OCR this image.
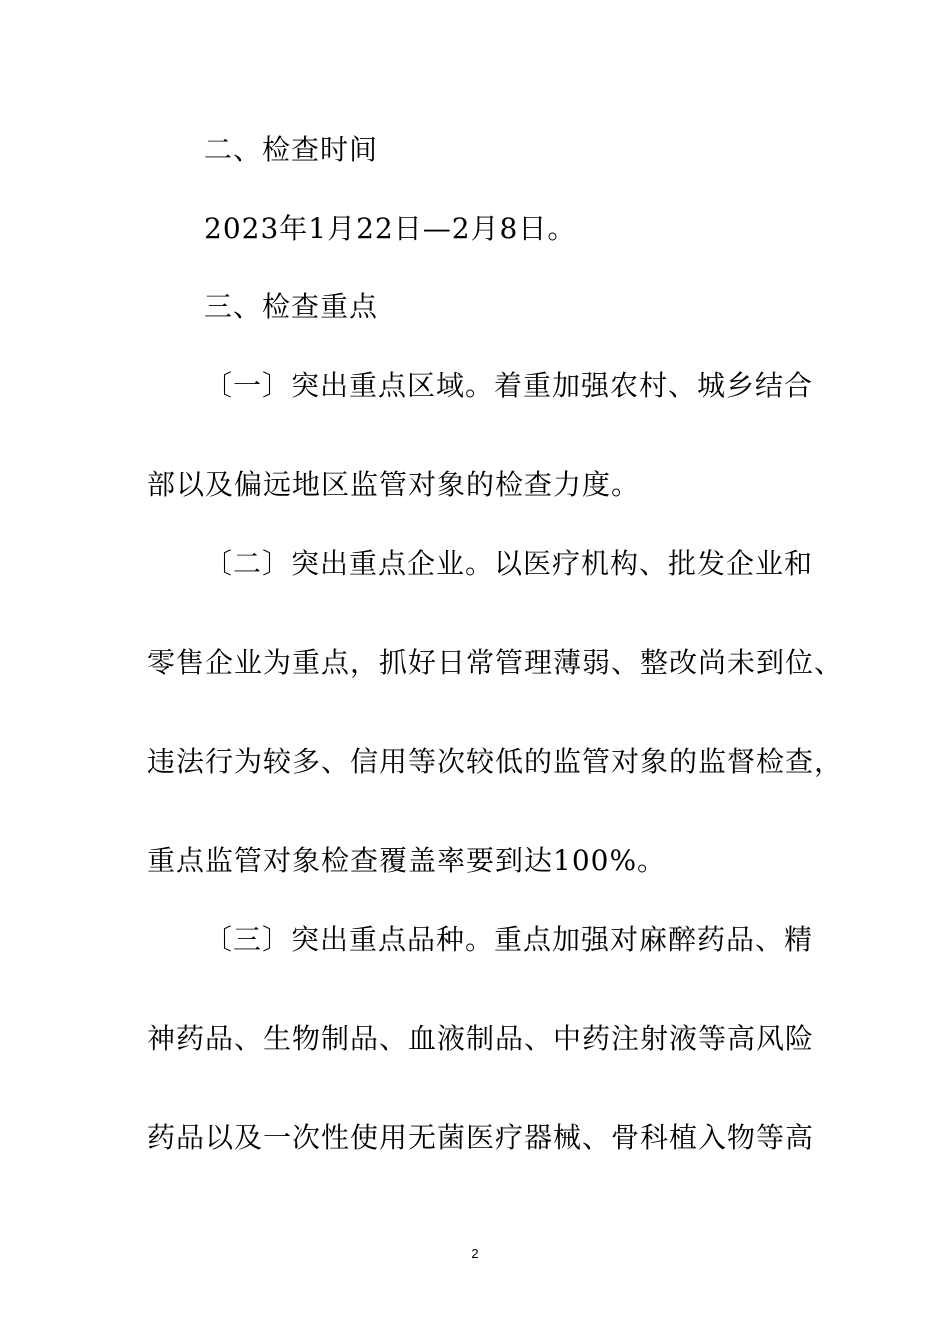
二、检查时间
2023年1月22日—2月8日。
三、检查重点
〔一〕突出重点区域。着重加强农村、城乡结合
部以及偏远地区监管对象的检查力度。
〔二〕突出重点企业。以医疗机构、批发企业和
零售企业为重点，抓好日常管理薄弱、整改尚未到位、
违法行为较多、信用等次较低的监管对象的监督检查，
重点监管对象检查覆盖率要到达100%。
〔三〕突出重点品种。重点加强对麻醉药品、精
神药品、生物制品、血液制品、中药注射液等高风险
药品以及一次性使用无菌医疗器械、骨科植入物等高
2
